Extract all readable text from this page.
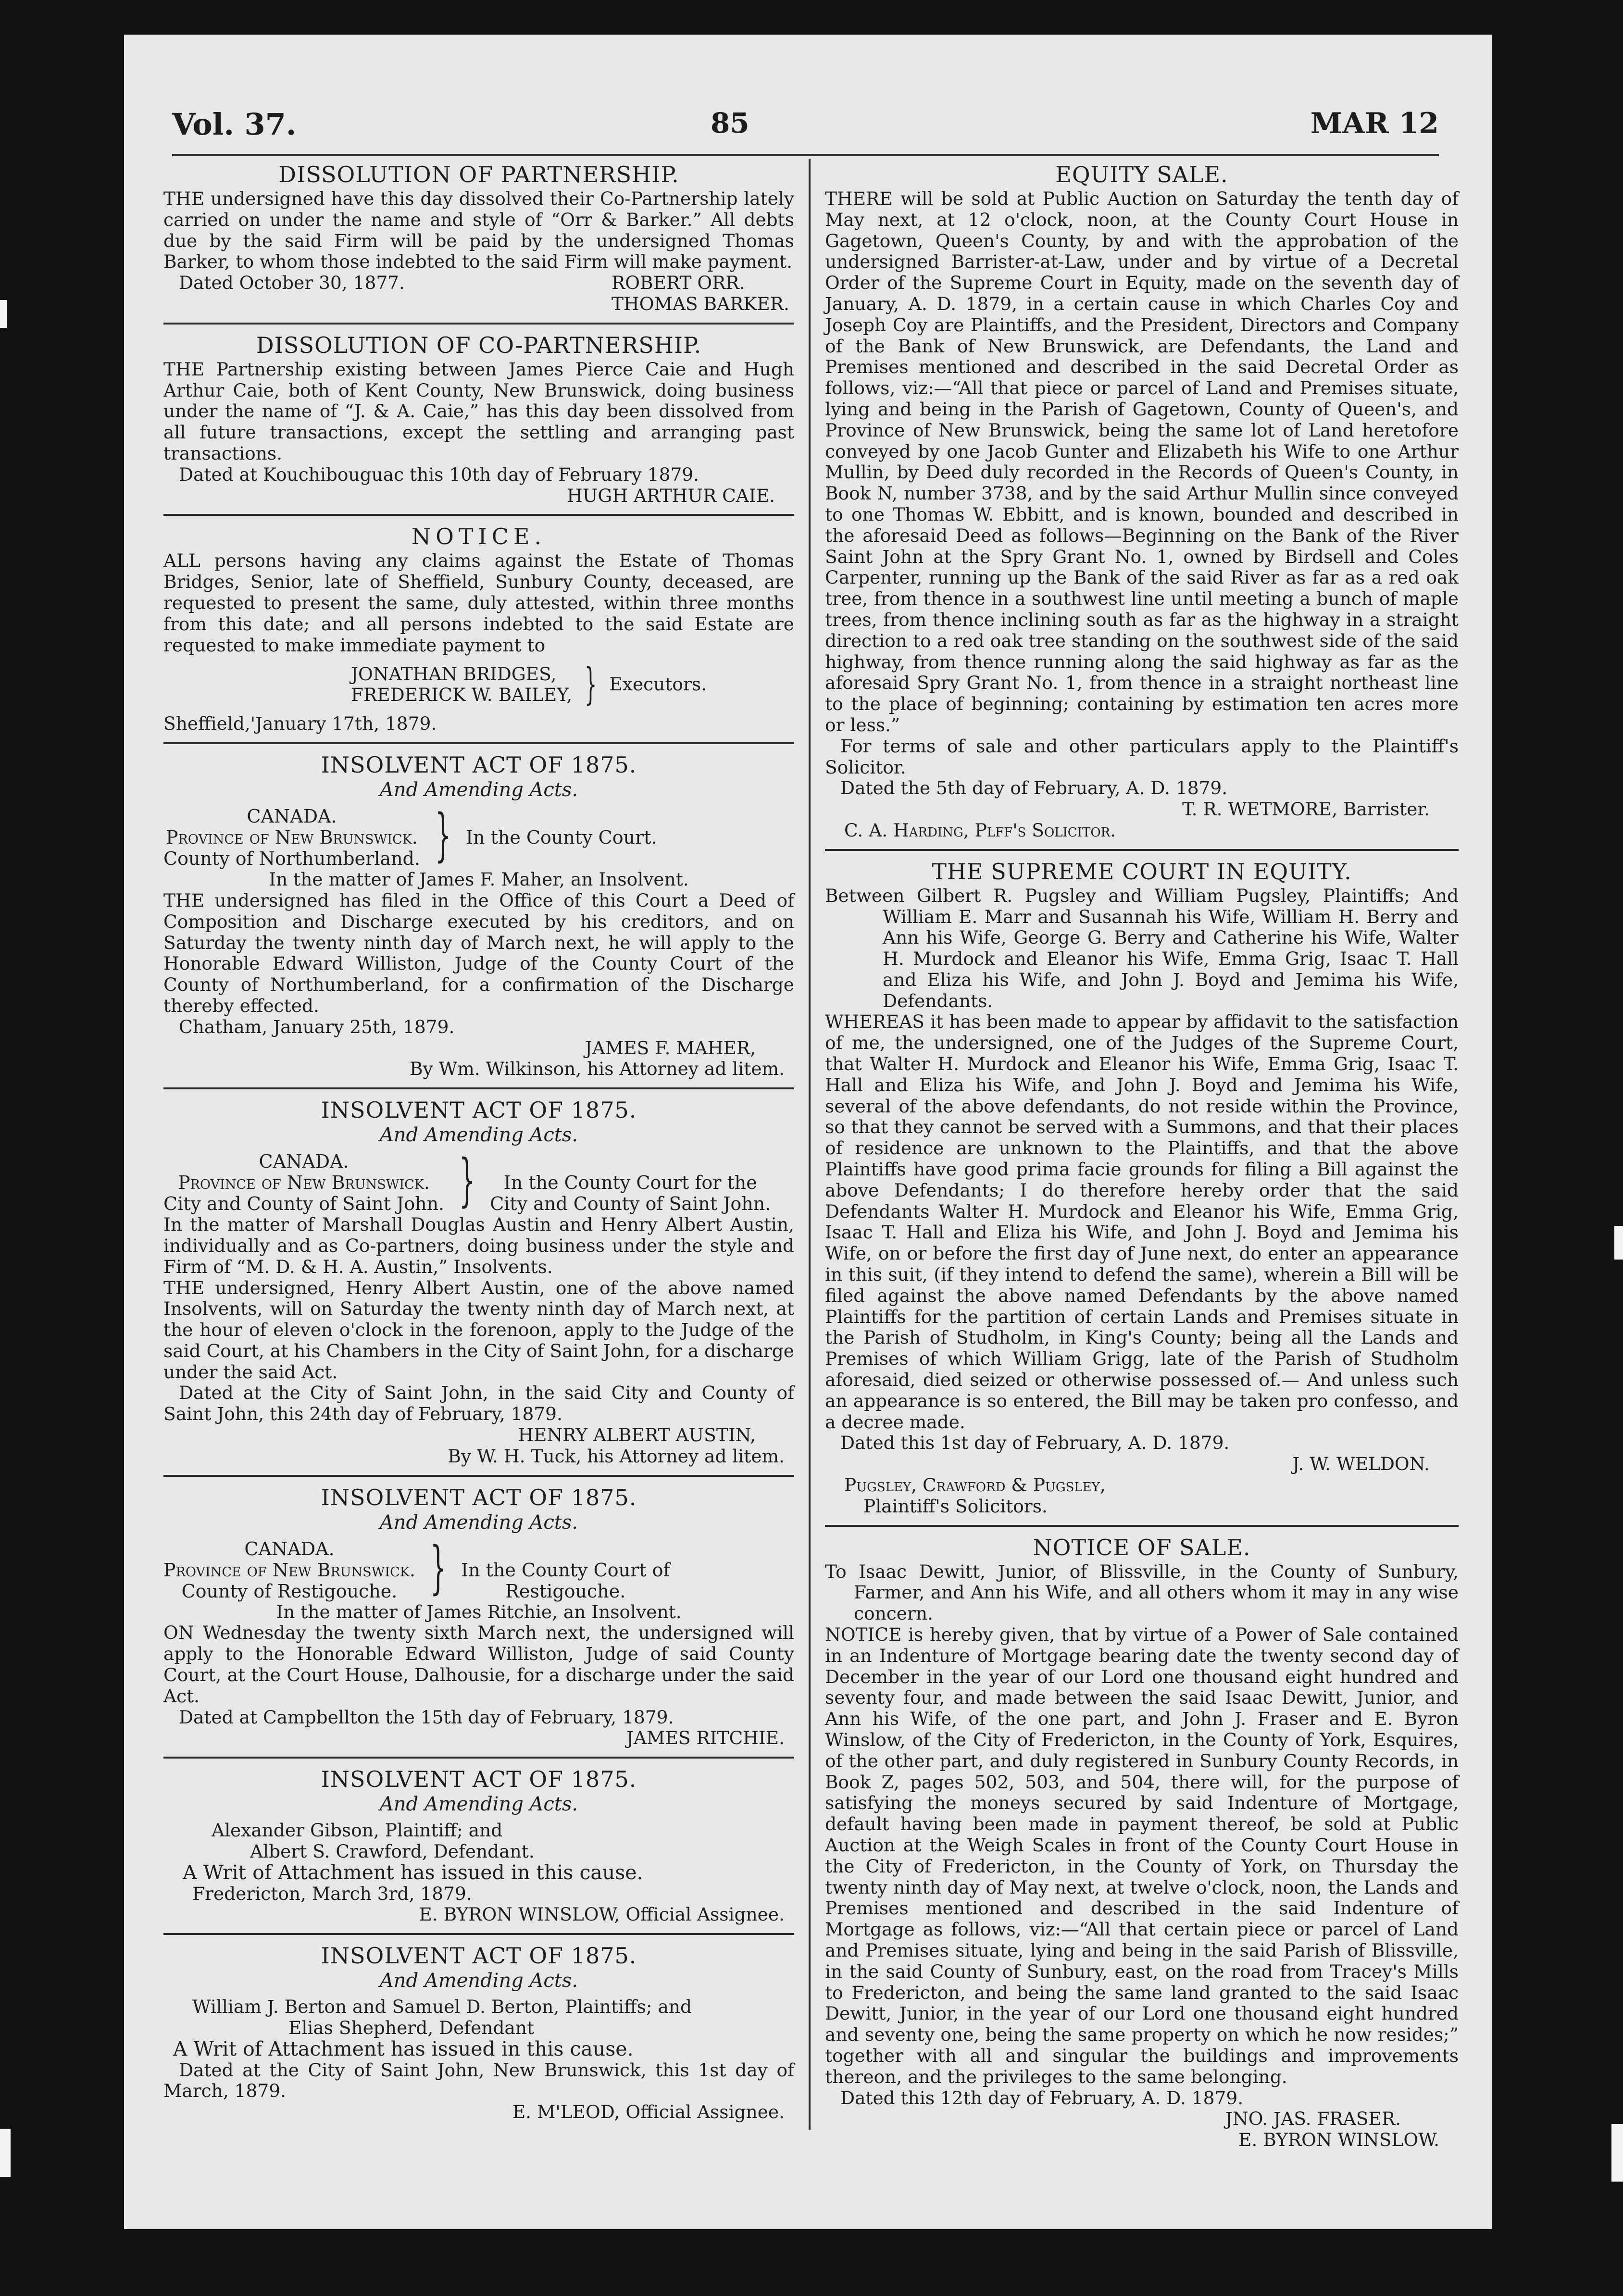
Vol. 37.	85	MAR 12
DISSOLUTION OF PARTNERSHIP.

THE undersigned have this day dissolved their Co-Partnership lately carried on under the name and style of “Orr & Barker.” All debts due by the said Firm will be paid by the undersigned Thomas Barker, to whom those indebted to the said Firm will make payment.

Dated October 30, 1877.	ROBERT ORR.
THOMAS BARKER.
DISSOLUTION OF CO-PARTNERSHIP.

THE Partnership existing between James Pierce Caie and Hugh Arthur Caie, both of Kent County, New Brunswick, doing business under the name of “J. & A. Caie,” has this day been dissolved from all future transactions, except the settling and arranging past transactions.

Dated at Kouchibouguac this 10th day of February 1879.

HUGH ARTHUR CAIE.

NOTICE.

ALL persons having any claims against the Estate of Thomas Bridges, Senior, late of Sheffield, Sunbury County, deceased, are requested to present the same, duly attested, within three months from this date; and all persons indebted to the said Estate are requested to make immediate payment to

JONATHAN BRIDGES,
FREDERICK W. BAILEY, } Executors.

Sheffield,'January 17th, 1879.

INSOLVENT ACT OF 1875.
And Amending Acts.
CANADA.
Province of New Brunswick.
County of Northumberland. } In the County Court.

In the matter of James F. Maher, an Insolvent.

THE undersigned has filed in the Office of this Court a Deed of Composition and Discharge executed by his creditors, and on Saturday the twenty ninth day of March next, he will apply to the Honorable Edward Williston, Judge of the County Court of the County of Northumberland, for a confirmation of the Discharge thereby effected.

Chatham, January 25th, 1879.

JAMES F. MAHER,

By Wm. Wilkinson, his Attorney ad litem.

INSOLVENT ACT OF 1875.
And Amending Acts.
CANADA.
Province of New Brunswick.
City and County of Saint John. }	In the County Court for the
City and County of Saint John.

In the matter of Marshall Douglas Austin and Henry Albert Austin, individually and as Co-partners, doing business under the style and Firm of “M. D. & H. A. Austin,” Insolvents.

THE undersigned, Henry Albert Austin, one of the above named Insolvents, will on Saturday the twenty ninth day of March next, at the hour of eleven o'clock in the forenoon, apply to the Judge of the said Court, at his Chambers in the City of Saint John, for a discharge under the said Act.

Dated at the City of Saint John, in the said City and County of Saint John, this 24th day of February, 1879.

HENRY ALBERT AUSTIN,

By W. H. Tuck, his Attorney ad litem.

INSOLVENT ACT OF 1875.
And Amending Acts.
CANADA.
Province of New Brunswick.
County of Restigouche. } In the County Court of
Restigouche.

In the matter of James Ritchie, an Insolvent.

ON Wednesday the twenty sixth March next, the undersigned will apply to the Honorable Edward Williston, Judge of said County Court, at the Court House, Dalhousie, for a discharge under the said Act.

Dated at Campbellton the 15th day of February, 1879.

JAMES RITCHIE.

INSOLVENT ACT OF 1875.
And Amending Acts.

Alexander Gibson, Plaintiff; and

Albert S. Crawford, Defendant.

A Writ of Attachment has issued in this cause.

Fredericton, March 3rd, 1879.

E. BYRON WINSLOW, Official Assignee.

INSOLVENT ACT OF 1875.
And Amending Acts.

William J. Berton and Samuel D. Berton, Plaintiffs; and

Elias Shepherd, Defendant

A Writ of Attachment has issued in this cause.

Dated at the City of Saint John, New Brunswick, this 1st day of March, 1879.

E. M'LEOD, Official Assignee.

EQUITY SALE.

THERE will be sold at Public Auction on Saturday the tenth day of May next, at 12 o'clock, noon, at the County Court House in Gagetown, Queen's County, by and with the approbation of the undersigned Barrister-at-Law, under and by virtue of a Decretal Order of the Supreme Court in Equity, made on the seventh day of January, A. D. 1879, in a certain cause in which Charles Coy and Joseph Coy are Plaintiffs, and the President, Directors and Company of the Bank of New Brunswick, are Defendants, the Land and Premises mentioned and described in the said Decretal Order as follows, viz:—“All that piece or parcel of Land and Premises situate, lying and being in the Parish of Gagetown, County of Queen's, and Province of New Brunswick, being the same lot of Land heretofore conveyed by one Jacob Gunter and Elizabeth his Wife to one Arthur Mullin, by Deed duly recorded in the Records of Queen's County, in Book N, number 3738, and by the said Arthur Mullin since conveyed to one Thomas W. Ebbitt, and is known, bounded and described in the aforesaid Deed as follows—Beginning on the Bank of the River Saint John at the Spry Grant No. 1, owned by Birdsell and Coles Carpenter, running up the Bank of the said River as far as a red oak tree, from thence in a southwest line until meeting a bunch of maple trees, from thence inclining south as far as the highway in a straight direction to a red oak tree standing on the southwest side of the said highway, from thence running along the said highway as far as the aforesaid Spry Grant No. 1, from thence in a straight northeast line to the place of beginning; containing by estimation ten acres more or less.”

For terms of sale and other particulars apply to the Plaintiff's Solicitor.

Dated the 5th day of February, A. D. 1879.

T. R. WETMORE, Barrister.

C. A. Harding, Plff's Solicitor.

THE SUPREME COURT IN EQUITY.

Between Gilbert R. Pugsley and William Pugsley, Plaintiffs; And William E. Marr and Susannah his Wife, William H. Berry and Ann his Wife, George G. Berry and Catherine his Wife, Walter H. Murdock and Eleanor his Wife, Emma Grig, Isaac T. Hall and Eliza his Wife, and John J. Boyd and Jemima his Wife, Defendants.

WHEREAS it has been made to appear by affidavit to the satisfaction of me, the undersigned, one of the Judges of the Supreme Court, that Walter H. Murdock and Eleanor his Wife, Emma Grig, Isaac T. Hall and Eliza his Wife, and John J. Boyd and Jemima his Wife, several of the above defendants, do not reside within the Province, so that they cannot be served with a Summons, and that their places of residence are unknown to the Plaintiffs, and that the above Plaintiffs have good prima facie grounds for filing a Bill against the above Defendants; I do therefore hereby order that the said Defendants Walter H. Murdock and Eleanor his Wife, Emma Grig, Isaac T. Hall and Eliza his Wife, and John J. Boyd and Jemima his Wife, on or before the first day of June next, do enter an appearance in this suit, (if they intend to defend the same), wherein a Bill will be filed against the above named Defendants by the above named Plaintiffs for the partition of certain Lands and Premises situate in the Parish of Studholm, in King's County; being all the Lands and Premises of which William Grigg, late of the Parish of Studholm aforesaid, died seized or otherwise possessed of.— And unless such an appearance is so entered, the Bill may be taken pro confesso, and a decree made.

Dated this 1st day of February, A. D. 1879.

J. W. WELDON.

Pugsley, Crawford & Pugsley,

Plaintiff's Solicitors.

NOTICE OF SALE.

To Isaac Dewitt, Junior, of Blissville, in the County of Sunbury, Farmer, and Ann his Wife, and all others whom it may in any wise concern.

NOTICE is hereby given, that by virtue of a Power of Sale contained in an Indenture of Mortgage bearing date the twenty second day of December in the year of our Lord one thousand eight hundred and seventy four, and made between the said Isaac Dewitt, Junior, and Ann his Wife, of the one part, and John J. Fraser and E. Byron Winslow, of the City of Fredericton, in the County of York, Esquires, of the other part, and duly registered in Sunbury County Records, in Book Z, pages 502, 503, and 504, there will, for the purpose of satisfying the moneys secured by said Indenture of Mortgage, default having been made in payment thereof, be sold at Public Auction at the Weigh Scales in front of the County Court House in the City of Fredericton, in the County of York, on Thursday the twenty ninth day of May next, at twelve o'clock, noon, the Lands and Premises mentioned and described in the said Indenture of Mortgage as follows, viz:—“All that certain piece or parcel of Land and Premises situate, lying and being in the said Parish of Blissville, in the said County of Sunbury, east, on the road from Tracey's Mills to Fredericton, and being the same land granted to the said Isaac Dewitt, Junior, in the year of our Lord one thousand eight hundred and seventy one, being the same property on which he now resides;” together with all and singular the buildings and improvements thereon, and the privileges to the same belonging.

Dated this 12th day of February, A. D. 1879.

JNO. JAS. FRASER.

E. BYRON WINSLOW.
